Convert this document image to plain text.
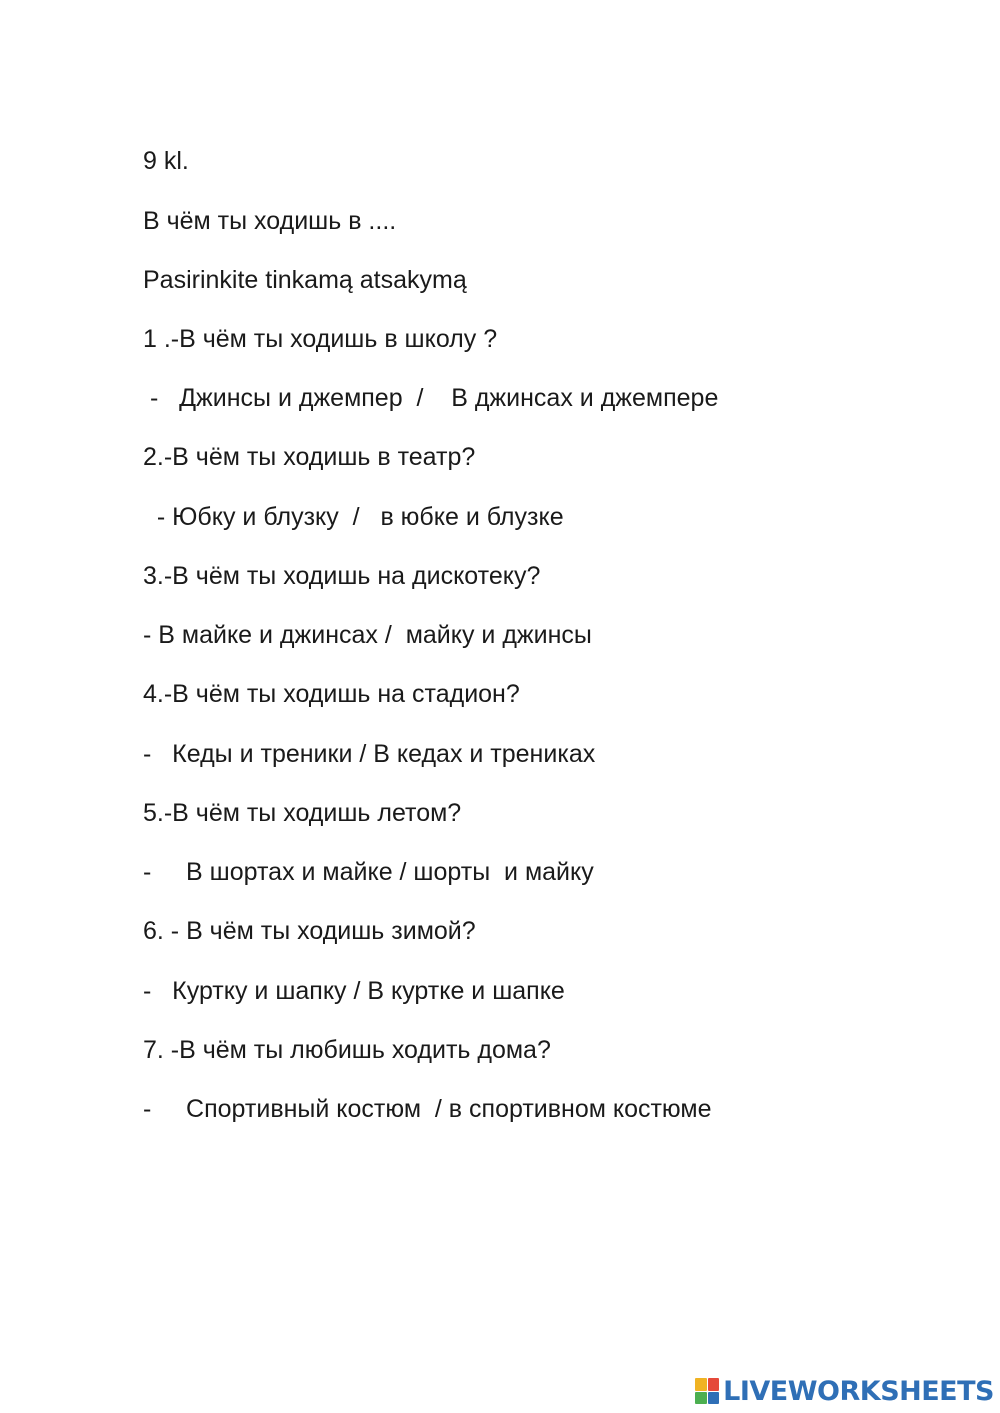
9 kl.
В чём ты ходишь в ....
Pasirinkite tinkamą atsakymą
1 .-В чём ты ходишь в школу ?
-   Джинсы и джемпер  /    В джинсах и джемпере
2.-В чём ты ходишь в театр?
- Юбку и блузку  /   в юбке и блузке
3.-В чём ты ходишь на дискотеку?
- В майке и джинсах /  майку и джинсы
4.-В чём ты ходишь на стадион?
-   Кеды и треники / В кедах и трениках
5.-В чём ты ходишь летом?
-     В шортах и майке / шорты  и майку
6. - В чём ты ходишь зимой?
-   Куртку и шапку / В куртке и шапке
7. -В чём ты любишь ходить дома?
-     Спортивный костюм  / в спортивном костюме
LIVEWORKSHEETS
